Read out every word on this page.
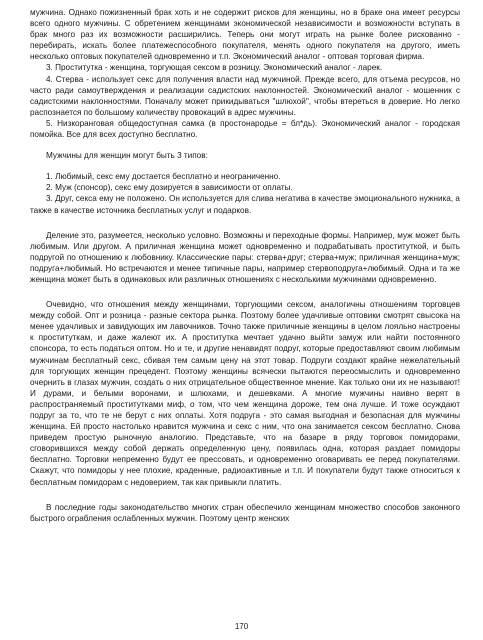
мужчина. Однако пожизненный брак хоть и не содержит рисков для женщины, но в браке она имеет ресурсы всего одного мужчины. С обретением женщинами экономической независимости и возможности вступать в брак много раз их возможности расширились. Теперь они могут играть на рынке более рискованно - перебирать, искать более платежеспособного покупателя, менять одного покупателя на другого, иметь несколько оптовых покупателей одновременно и т.п. Экономический аналог - оптовая торговая фирма.

3. Проститутка - женщина, торгующая сексом в розницу. Экономический аналог - ларек.

4. Стерва - использует секс для получения власти над мужчиной. Прежде всего, для отъема ресурсов, но часто ради самоутверждения и реализации садистских наклонностей. Экономический аналог - мошенник с садистскими наклонностями. Поначалу может прикидываться "шлюхой", чтобы втереться в доверие. Но легко распознается по большому количеству провокаций в адрес мужчины.

5. Низкоранговая общедоступная самка (в простонародье = бл*дь). Экономический аналог - городская помойка. Все для всех доступно бесплатно.

Мужчины для женщин могут быть 3 типов:

1. Любимый, секс ему достается бесплатно и неограниченно.

2. Муж (спонсор), секс ему дозируется в зависимости от оплаты.

3. Друг, секса ему не положено. Он используется для слива негатива в качестве эмоционального нужника, а также в качестве источника бесплатных услуг и подарков.

Деление это, разумеется, несколько условно. Возможны и переходные формы. Например, муж может быть любимым. Или другом. А приличная женщина может одновременно и подрабатывать проституткой, и быть подругой по отношению к любовнику. Классические пары: стерва+друг; стерва+муж; приличная женщина+муж; подруга+любимый. Но встречаются и менее типичные пары, например стервоподруга+любимый. Одна и та же женщина может быть в одинаковых или различных отношениях с несколькими мужчинами одновременно.

Очевидно, что отношения между женщинами, торгующими сексом, аналогичны отношениям торговцев между собой. Опт и розница - разные сектора рынка. Поэтому более удачливые оптовики смотрят свысока на менее удачливых и завидующих им лавочников. Точно также приличные женщины в целом лояльно настроены к проституткам, и даже жалеют их. А проститутка мечтает удачно выйти замуж или найти постоянного спонсора, то есть податься оптом. Но и те, и другие ненавидят подруг, которые предоставляют своим любимым мужчинам бесплатный секс, сбивая тем самым цену на этот товар. Подруги создают крайне нежелательный для торгующих женщин прецедент. Поэтому женщины всячески пытаются переосмыслить и одновременно очернить в глазах мужчин, создать о них отрицательное общественное мнение. Как только они их не называют! И дурами, и белыми воронами, и шлюхами, и дешевками. А многие мужчины наивно верят в распространяемый проститутками миф, о том, что чем женщина дороже, тем она лучше. И тоже осуждают подруг за то, что те не берут с них оплаты. Хотя подруга - это самая выгодная и безопасная для мужчины женщина. Ей просто настолько нравится мужчина и секс с ним, что она занимается сексом бесплатно. Снова приведем простую рыночную аналогию. Представьте, что на базаре в ряду торговок помидорами, сговорившихся между собой держать определенную цену, появилась одна, которая раздает помидоры бесплатно. Торговки непременно будут ее прессовать, и одновременно оговаривать ее перед покупателями. Скажут, что помидоры у нее плохие, краденные, радиоактивные и т.п. И покупатели будут также относиться к бесплатным помидорам с недоверием, так как привыкли платить.

В последние годы законодательство многих стран обеспечило женщинам множество способов законного быстрого ограбления ослабленных мужчин. Поэтому центр женских

170
